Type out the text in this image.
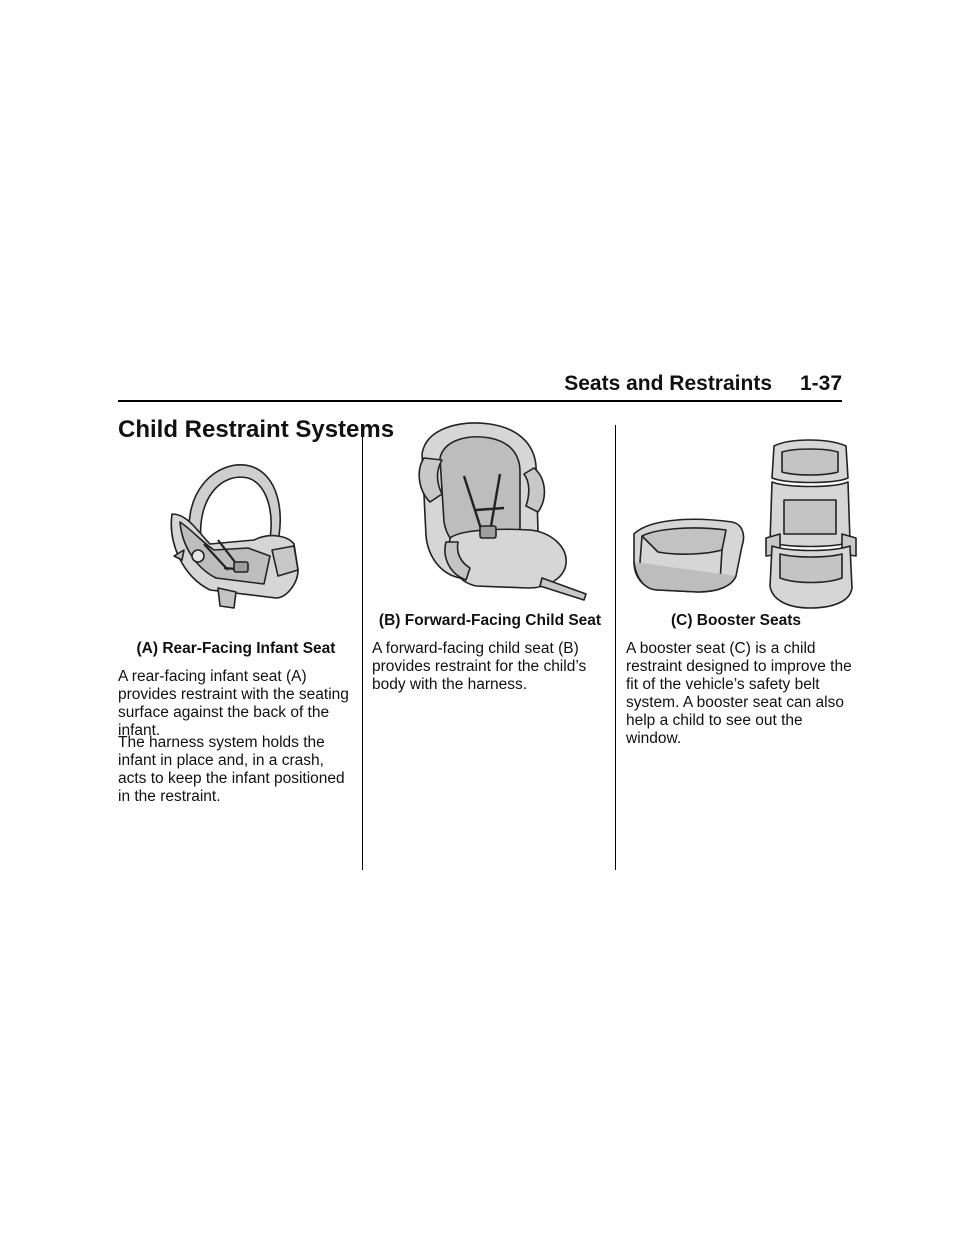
Seats and Restraints 1-37
Child Restraint Systems
(A) Rear-Facing Infant Seat

A rear-facing infant seat (A) provides restraint with the seating surface against the back of the infant.

The harness system holds the infant in place and, in a crash, acts to keep the infant positioned in the restraint.

(B) Forward-Facing Child Seat

A forward-facing child seat (B) provides restraint for the child’s body with the harness.

(C) Booster Seats

A booster seat (C) is a child restraint designed to improve the fit of the vehicle’s safety belt system. A booster seat can also help a child to see out the window.
